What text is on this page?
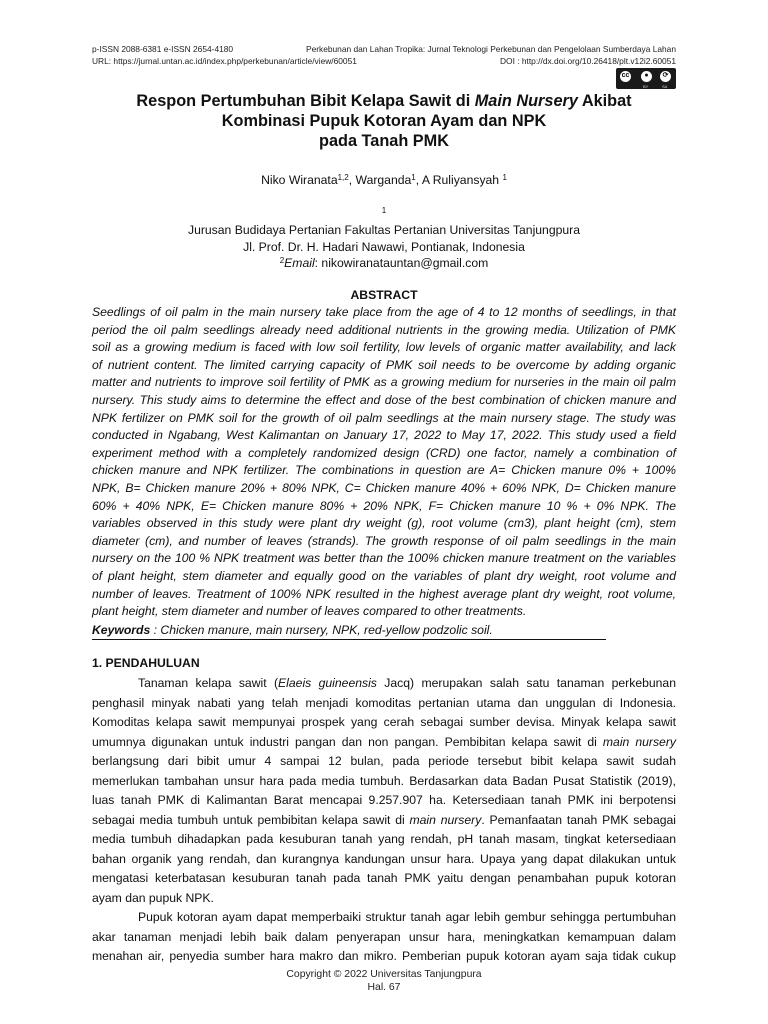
p-ISSN 2088-6381 e-ISSN 2654-4180	Perkebunan dan Lahan Tropika: Jurnal Teknologi Perkebunan dan Pengelolaan Sumberdaya Lahan
URL: https://jurnal.untan.ac.id/index.php/perkebunan/article/view/60051	DOI : http://dx.doi.org/10.26418/plt.v12i2.60051
cc	●	⟳
BY	SA
Respon Pertumbuhan Bibit Kelapa Sawit di Main Nursery Akibat
Kombinasi Pupuk Kotoran Ayam dan NPK
pada Tanah PMK
Niko Wiranata$^{1,2}$, Warganda$^1$, A Ruliyansyah $^1$
$^1$
Jurusan Budidaya Pertanian Fakultas Pertanian Universitas Tanjungpura
Jl. Prof. Dr. H. Hadari Nawawi, Pontianak, Indonesia
$^2$Email: nikowiranatauntan@gmail.com
ABSTRACT
Seedlings of oil palm in the main nursery take place from the age of 4 to 12 months of seedlings, in that
period the oil palm seedlings already need additional nutrients in the growing media. Utilization of PMK
soil as a growing medium is faced with low soil fertility, low levels of organic matter availability, and lack
of nutrient content. The limited carrying capacity of PMK soil needs to be overcome by adding organic
matter and nutrients to improve soil fertility of PMK as a growing medium for nurseries in the main oil palm
nursery. This study aims to determine the effect and dose of the best combination of chicken manure and
NPK fertilizer on PMK soil for the growth of oil palm seedlings at the main nursery stage. The study was
conducted in Ngabang, West Kalimantan on January 17, 2022 to May 17, 2022. This study used a field
experiment method with a completely randomized design (CRD) one factor, namely a combination of
chicken manure and NPK fertilizer. The combinations in question are A= Chicken manure 0% + 100%
NPK, B= Chicken manure 20% + 80% NPK, C= Chicken manure 40% + 60% NPK, D= Chicken manure
60% + 40% NPK, E= Chicken manure 80% + 20% NPK, F= Chicken manure 10 % + 0% NPK. The
variables observed in this study were plant dry weight (g), root volume (cm3), plant height (cm), stem
diameter (cm), and number of leaves (strands). The growth response of oil palm seedlings in the main
nursery on the 100 % NPK treatment was better than the 100% chicken manure treatment on the variables
of plant height, stem diameter and equally good on the variables of plant dry weight, root volume and
number of leaves. Treatment of 100% NPK resulted in the highest average plant dry weight, root volume,
plant height, stem diameter and number of leaves compared to other treatments.
Keywords : Chicken manure, main nursery, NPK, red-yellow podzolic soil.
1. PENDAHULUAN
Tanaman kelapa sawit (Elaeis guineensis Jacq) merupakan salah satu tanaman perkebunan
penghasil minyak nabati yang telah menjadi komoditas pertanian utama dan unggulan di Indonesia.
Komoditas kelapa sawit mempunyai prospek yang cerah sebagai sumber devisa. Minyak kelapa sawit
umumnya digunakan untuk industri pangan dan non pangan. Pembibitan kelapa sawit di main nursery
berlangsung dari bibit umur 4 sampai 12 bulan, pada periode tersebut bibit kelapa sawit sudah
memerlukan tambahan unsur hara pada media tumbuh. Berdasarkan data Badan Pusat Statistik (2019),
luas tanah PMK di Kalimantan Barat mencapai 9.257.907 ha. Ketersediaan tanah PMK ini berpotensi
sebagai media tumbuh untuk pembibitan kelapa sawit di main nursery. Pemanfaatan tanah PMK sebagai
media tumbuh dihadapkan pada kesuburan tanah yang rendah, pH tanah masam, tingkat ketersediaan
bahan organik yang rendah, dan kurangnya kandungan unsur hara. Upaya yang dapat dilakukan untuk
mengatasi keterbatasan kesuburan tanah pada tanah PMK yaitu dengan penambahan pupuk kotoran
ayam dan pupuk NPK.
Pupuk kotoran ayam dapat memperbaiki struktur tanah agar lebih gembur sehingga pertumbuhan
akar tanaman menjadi lebih baik dalam penyerapan unsur hara, meningkatkan kemampuan dalam
menahan air, penyedia sumber hara makro dan mikro. Pemberian pupuk kotoran ayam saja tidak cukup
Copyright © 2022 Universitas Tanjungpura
Hal. 67
